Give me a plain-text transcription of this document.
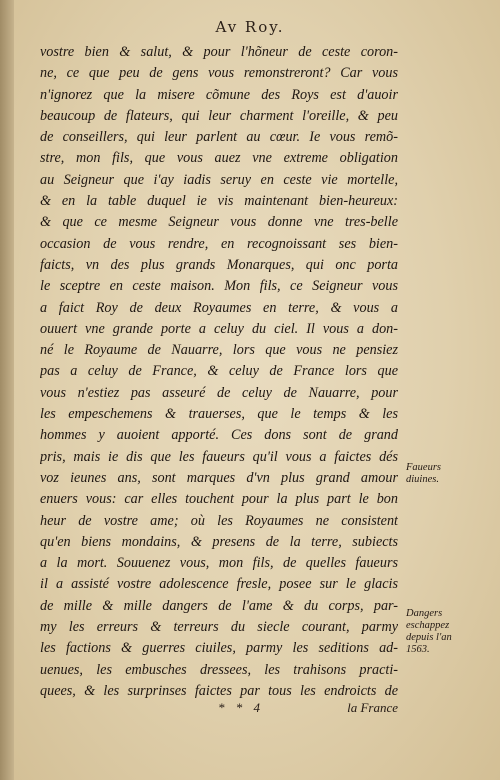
Av Roy.
vostre bien & salut, & pour l'hõneur de ceste coron-
ne, ce que peu de gens vous remonstreront? Car vous
n'ignorez que la misere cõmune des Roys est d'auoir
beaucoup de flateurs, qui leur charment l'oreille, & peu
de conseillers, qui leur parlent au cœur. Ie vous remõ-
stre, mon fils, que vous auez vne extreme obligation
au Seigneur que i'ay iadis seruy en ceste vie mortelle,
& en la table duquel ie vis maintenant bien-heureux:
& que ce mesme Seigneur vous donne vne tres-belle
occasion de vous rendre, en recognoissant ses bien-
faicts, vn des plus grands Monarques, qui onc porta
le sceptre en ceste maison. Mon fils, ce Seigneur vous
a faict Roy de deux Royaumes en terre, & vous a
ouuert vne grande porte a celuy du ciel. Il vous a don-
né le Royaume de Nauarre, lors que vous ne pensiez
pas a celuy de France, & celuy de France lors que
vous n'estiez pas asseuré de celuy de Nauarre, pour
les empeschemens & trauerses, que le temps & les
hommes y auoient apporté. Ces dons sont de grand
pris, mais ie dis que les faueurs qu'il vous a faictes dés
voz ieunes ans, sont marques d'vn plus grand amour
enuers vous: car elles touchent pour la plus part le bon
heur de vostre ame; où les Royaumes ne consistent
qu'en biens mondains, & presens de la terre, subiects
a la mort. Souuenez vous, mon fils, de quelles faueurs
il a assisté vostre adolescence fresle, posee sur le glacis
de mille & mille dangers de l'ame & du corps, par-
my les erreurs & terreurs du siecle courant, parmy
les factions & guerres ciuiles, parmy les seditions ad-
uenues, les embusches dressees, les trahisons practi-
quees, & les surprinses faictes par tous les endroicts de
Faueurs
diuines.
Dangers
eschappez
depuis l'an
1563.
* * 4	la France
